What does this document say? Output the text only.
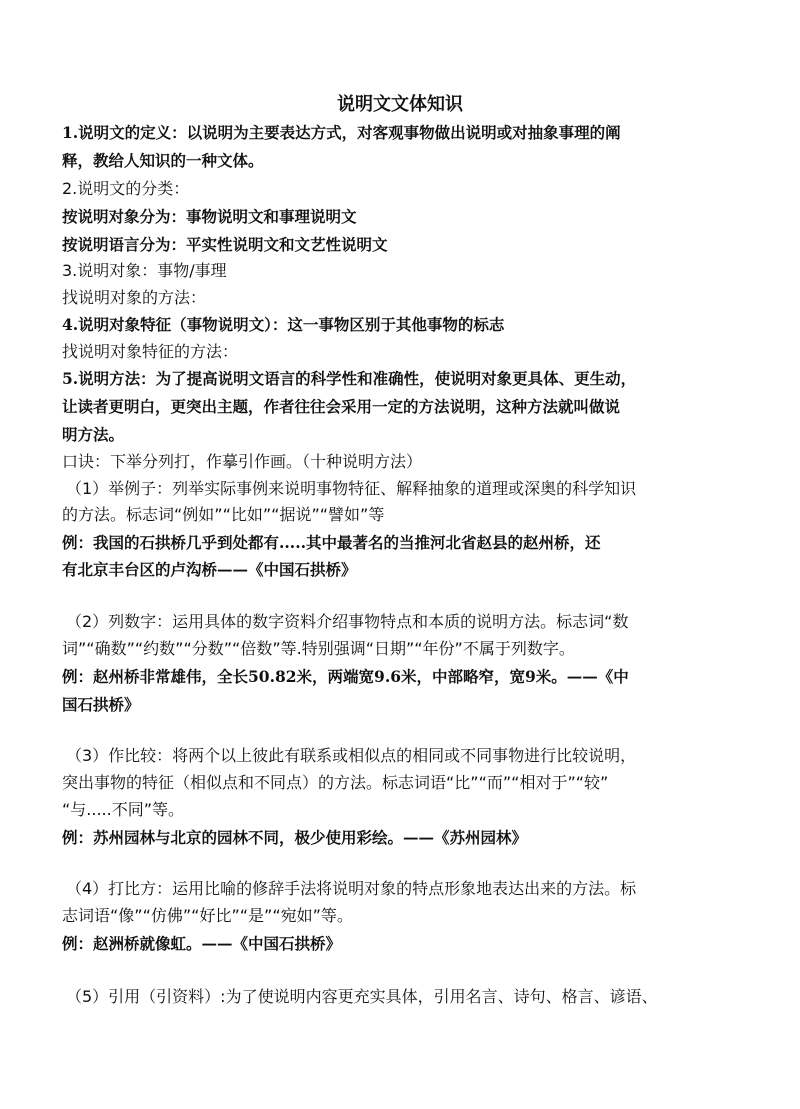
说明文文体知识
1.说明文的定义：以说明为主要表达方式，对客观事物做出说明或对抽象事理的阐
释，教给人知识的一种文体。
2.说明文的分类：
按说明对象分为：事物说明文和事理说明文
按说明语言分为：平实性说明文和文艺性说明文
3.说明对象：事物/事理
找说明对象的方法：
4.说明对象特征（事物说明文）：这一事物区别于其他事物的标志
找说明对象特征的方法：
5.说明方法：为了提高说明文语言的科学性和准确性，使说明对象更具体、更生动，
让读者更明白，更突出主题，作者往往会采用一定的方法说明，这种方法就叫做说
明方法。
口诀：下举分列打，作摹引作画。（十种说明方法）
（1）举例子：列举实际事例来说明事物特征、解释抽象的道理或深奥的科学知识
的方法。标志词“例如”“比如”“据说”“譬如”等
例：我国的石拱桥几乎到处都有.....其中最著名的当推河北省赵县的赵州桥，还
有北京丰台区的卢沟桥——《中国石拱桥》
（2）列数字：运用具体的数字资料介绍事物特点和本质的说明方法。标志词“数
词”“确数”“约数”“分数”“倍数”等.特别强调“日期”“年份”不属于列数字。
例：赵州桥非常雄伟，全长50.82米，两端宽9.6米，中部略窄，宽9米。——《中
国石拱桥》
（3）作比较：将两个以上彼此有联系或相似点的相同或不同事物进行比较说明，
突出事物的特征（相似点和不同点）的方法。标志词语“比”“而”“相对于”“较”
“与.....不同”等。
例：苏州园林与北京的园林不同，极少使用彩绘。——《苏州园林》
（4）打比方：运用比喻的修辞手法将说明对象的特点形象地表达出来的方法。标
志词语“像”“仿佛”“好比”“是”“宛如”等。
例：赵洲桥就像虹。——《中国石拱桥》
（5）引用（引资料）:为了使说明内容更充实具体，引用名言、诗句、格言、谚语、
